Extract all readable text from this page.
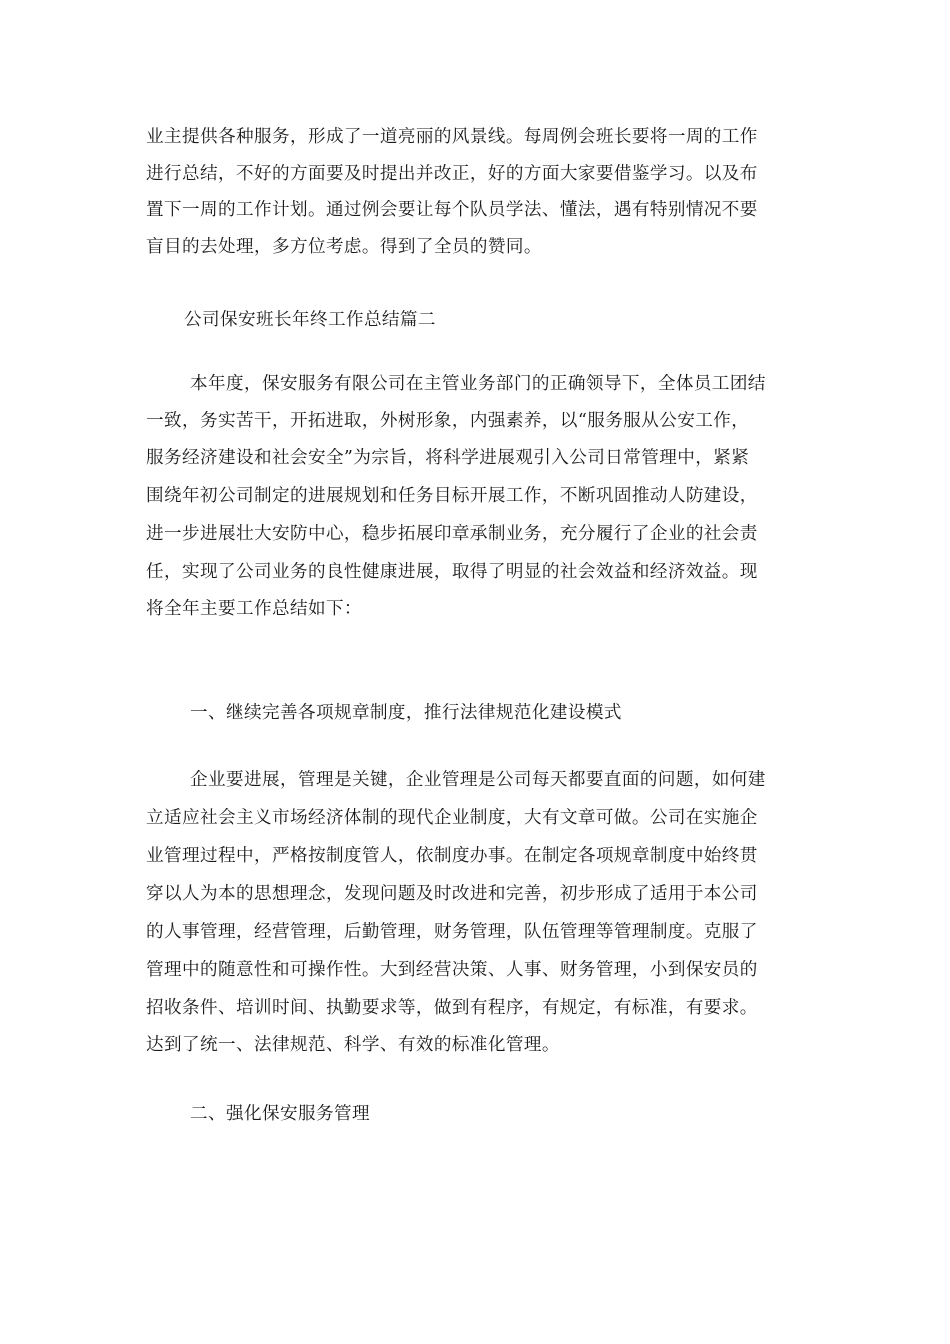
业主提供各种服务，形成了一道亮丽的风景线。每周例会班长要将一周的工作
进行总结，不好的方面要及时提出并改正，好的方面大家要借鉴学习。以及布
置下一周的工作计划。通过例会要让每个队员学法、懂法，遇有特别情况不要
盲目的去处理，多方位考虑。得到了全员的赞同。
公司保安班长年终工作总结篇二
本年度，保安服务有限公司在主管业务部门的正确领导下，全体员工团结
一致，务实苦干，开拓进取，外树形象，内强素养，以“服务服从公安工作，
服务经济建设和社会安全”为宗旨，将科学进展观引入公司日常管理中，紧紧
围绕年初公司制定的进展规划和任务目标开展工作，不断巩固推动人防建设，
进一步进展壮大安防中心，稳步拓展印章承制业务，充分履行了企业的社会责
任，实现了公司业务的良性健康进展，取得了明显的社会效益和经济效益。现
将全年主要工作总结如下：
一、继续完善各项规章制度，推行法律规范化建设模式
企业要进展，管理是关键，企业管理是公司每天都要直面的问题，如何建
立适应社会主义市场经济体制的现代企业制度，大有文章可做。公司在实施企
业管理过程中，严格按制度管人，依制度办事。在制定各项规章制度中始终贯
穿以人为本的思想理念，发现问题及时改进和完善，初步形成了适用于本公司
的人事管理，经营管理，后勤管理，财务管理，队伍管理等管理制度。克服了
管理中的随意性和可操作性。大到经营决策、人事、财务管理，小到保安员的
招收条件、培训时间、执勤要求等，做到有程序，有规定，有标准，有要求。
达到了统一、法律规范、科学、有效的标准化管理。
二、强化保安服务管理
